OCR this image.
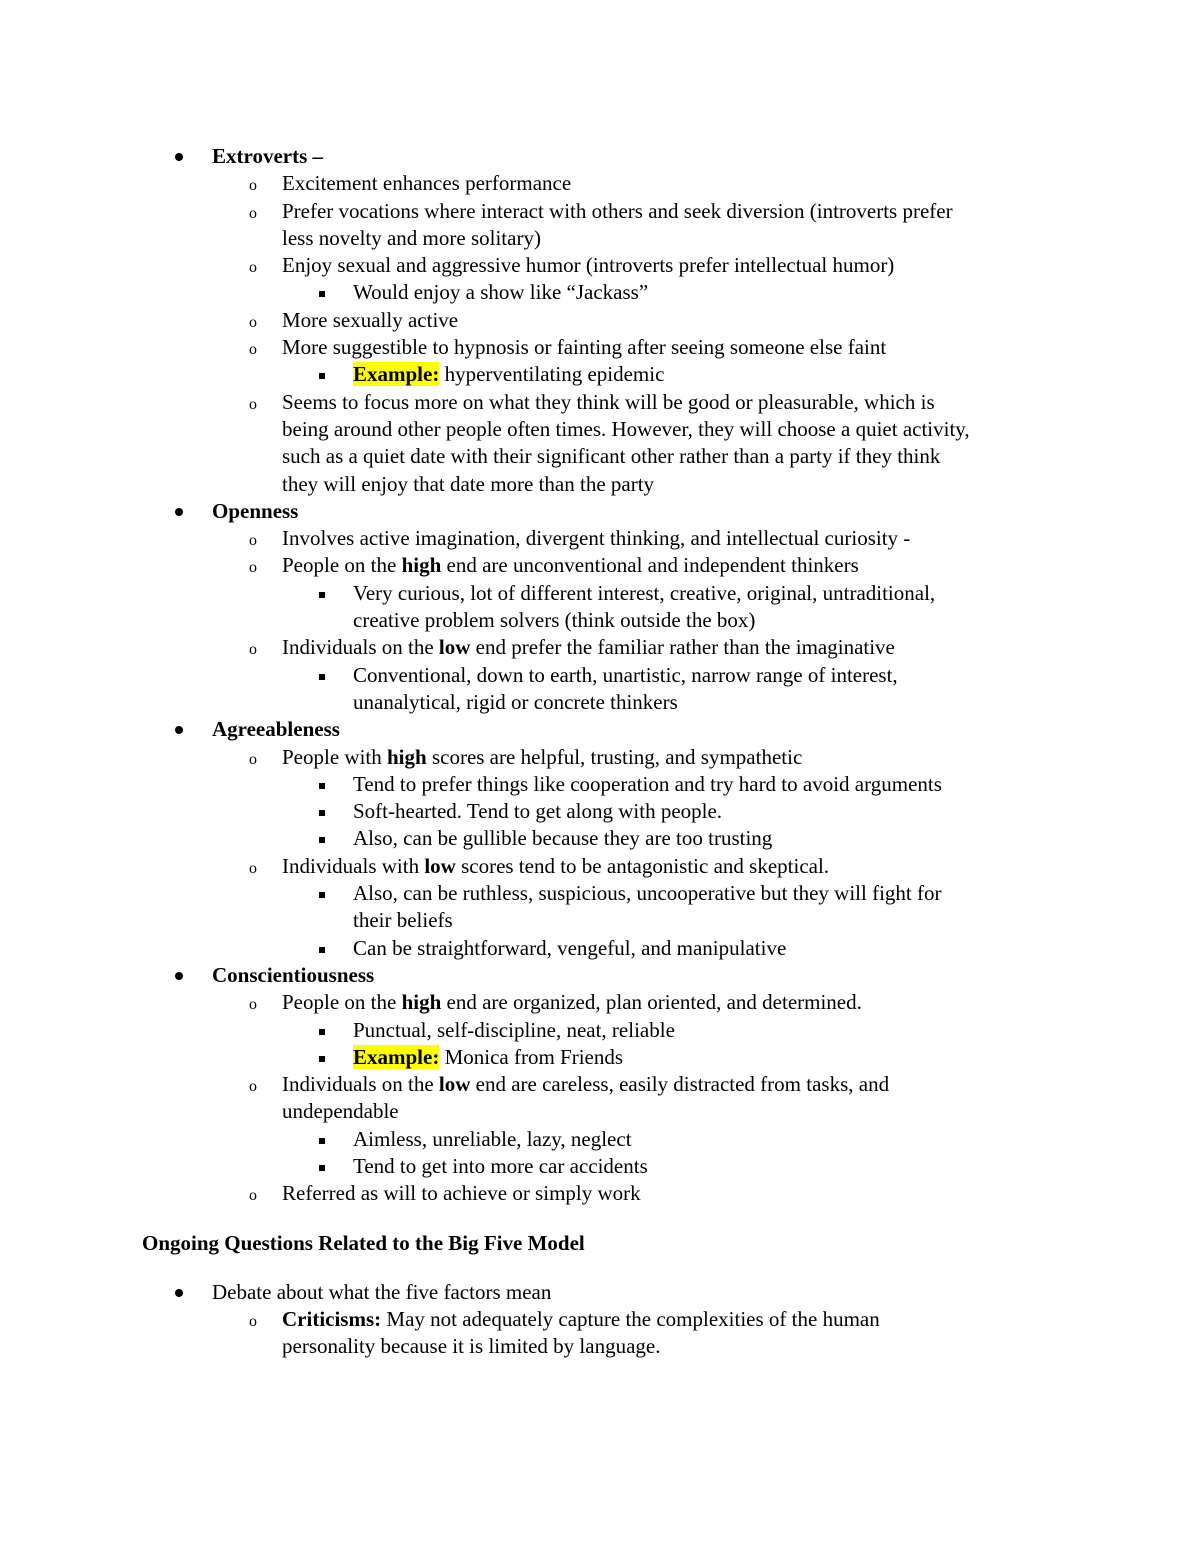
Extroverts –
o Excitement enhances performance
o Prefer vocations where interact with others and seek diversion (introverts prefer
less novelty and more solitary)
o Enjoy sexual and aggressive humor (introverts prefer intellectual humor)
Would enjoy a show like “Jackass”
o More sexually active
o More suggestible to hypnosis or fainting after seeing someone else faint
Example: hyperventilating epidemic
o Seems to focus more on what they think will be good or pleasurable, which is
being around other people often times. However, they will choose a quiet activity,
such as a quiet date with their significant other rather than a party if they think
they will enjoy that date more than the party
Openness
o Involves active imagination, divergent thinking, and intellectual curiosity -
o People on the high end are unconventional and independent thinkers
Very curious, lot of different interest, creative, original, untraditional,
creative problem solvers (think outside the box)
o Individuals on the low end prefer the familiar rather than the imaginative
Conventional, down to earth, unartistic, narrow range of interest,
unanalytical, rigid or concrete thinkers
Agreeableness
o People with high scores are helpful, trusting, and sympathetic
Tend to prefer things like cooperation and try hard to avoid arguments
Soft-hearted. Tend to get along with people.
Also, can be gullible because they are too trusting
o Individuals with low scores tend to be antagonistic and skeptical.
Also, can be ruthless, suspicious, uncooperative but they will fight for
their beliefs
Can be straightforward, vengeful, and manipulative
Conscientiousness
o People on the high end are organized, plan oriented, and determined.
Punctual, self-discipline, neat, reliable
Example: Monica from Friends
o Individuals on the low end are careless, easily distracted from tasks, and
undependable
Aimless, unreliable, lazy, neglect
Tend to get into more car accidents
o Referred as will to achieve or simply work
Ongoing Questions Related to the Big Five Model
Debate about what the five factors mean
o Criticisms: May not adequately capture the complexities of the human
personality because it is limited by language.
